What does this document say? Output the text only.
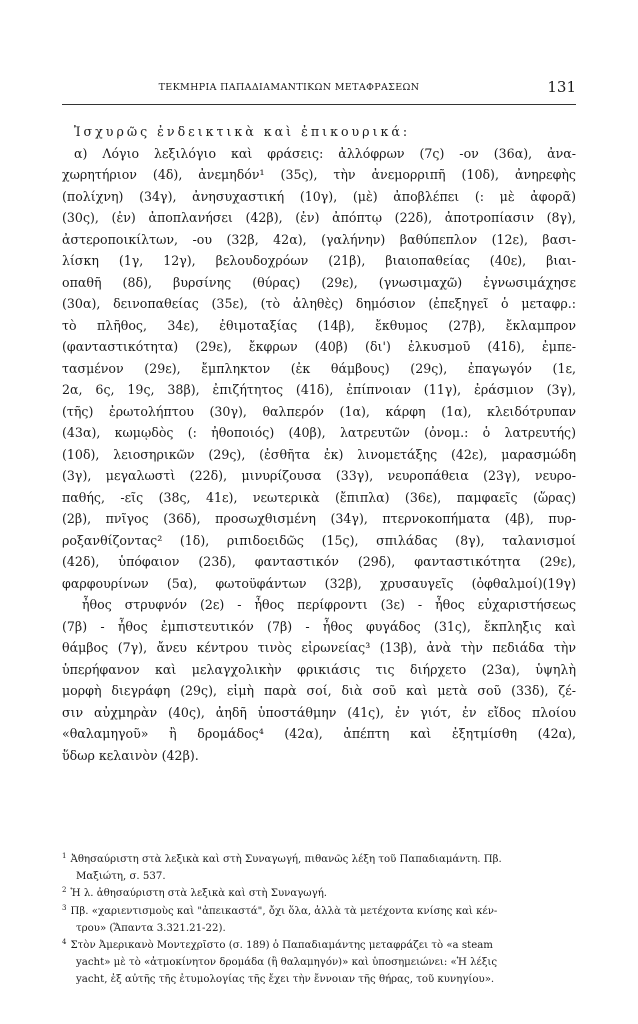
ΤΕΚΜΗΡΙΑ ΠΑΠΑΔΙΑΜΑΝΤΙΚΩΝ ΜΕΤΑΦΡΑΣΕΩΝ	131
Ἰσχυρῶς ἐνδεικτικὰ καὶ ἐπικουρικά:
α) Λόγιο λεξιλόγιο καὶ φράσεις: ἀλλόφρων (7ς) -ον (36α), ἀνα-
χωρητήριον (4δ), ἀνεμηδόν¹ (35ς), τὴν ἀνεμορριπῆ (10δ), ἀνηρεφὴς
(πολίχνη) (34γ), ἀνησυχαστική (10γ), (μὲ) ἀποβλέπει (: μὲ ἀφορᾶ)
(30ς), (ἐν) ἀποπλανήσει (42β), (ἐν) ἀπόπτῳ (22δ), ἀποτροπίασιν (8γ),
ἀστεροποικίλτων, -ου (32β, 42α), (γαλήνην) βαθύπεπλον (12ε), βασι-
λίσκη (1γ, 12γ), βελουδοχρόων (21β), βιαιοπαθείας (40ε), βιαι-
οπαθῆ (8δ), βυρσίνης (θύρας) (29ε), (γνωσιμαχῶ) ἐγνωσιμάχησε
(30α), δεινοπαθείας (35ε), (τὸ ἀληθὲς) δημόσιον (ἐπεξηγεῖ ὁ μεταφρ.:
τὸ πλῆθος, 34ε), ἐθιμοταξίας (14β), ἔκθυμος (27β), ἔκλαμπρον
(φανταστικότητα) (29ε), ἔκφρων (40β) (δι') ἐλκυσμοῦ (41δ), ἐμπε-
τασμένον (29ε), ἔμπληκτον (ἐκ θάμβους) (29ς), ἐπαγωγόν (1ε,
2α, 6ς, 19ς, 38β), ἐπιζήτητος (41δ), ἐπίπνοιαν (11γ), ἐράσμιον (3γ),
(τῆς) ἐρωτολήπτου (30γ), θαλπερόν (1α), κάρφη (1α), κλειδότρυπαν
(43α), κωμῳδὸς (: ἠθοποιός) (40β), λατρευτῶν (ὀνομ.: ὁ λατρευτής)
(10δ), λειοσηρικῶν (29ς), (ἐσθῆτα ἐκ) λινομετάξης (42ε), μαρασμώδη
(3γ), μεγαλωστὶ (22δ), μινυρίζουσα (33γ), νευροπάθεια (23γ), νευρο-
παθής, -εῖς (38ς, 41ε), νεωτερικὰ (ἔπιπλα) (36ε), παμφαεῖς (ὥρας)
(2β), πνῖγος (36δ), προσωχθισμένη (34γ), πτερνοκοπήματα (4β), πυρ-
ροξανθίζοντας² (1δ), ριπιδοειδῶς (15ς), σπιλάδας (8γ), ταλανισμοί
(42δ), ὑπόφαιον (23δ), φανταστικόν (29δ), φανταστικότητα (29ε),
φαρφουρίνων (5α), φωτοϋφάντων (32β), χρυσαυγεῖς (ὀφθαλμοί)(19γ)
ἦθος στρυφνόν (2ε) - ἦθος περίφροντι (3ε) - ἦθος εὐχαριστήσεως
(7β) - ἦθος ἐμπιστευτικόν (7β) - ἦθος φυγάδος (31ς), ἔκπληξις καὶ
θάμβος (7γ), ἄνευ κέντρου τινὸς εἰρωνείας³ (13β), ἀνὰ τὴν πεδιάδα τὴν
ὑπερήφανον καὶ μελαγχολικὴν φρικιάσις τις διήρχετο (23α), ὑψηλὴ
μορφὴ διεγράφη (29ς), εἰμὴ παρὰ σοί, διὰ σοῦ καὶ μετὰ σοῦ (33δ), ζέ-
σιν αὐχμηρὰν (40ς), ἀηδῆ ὑποστάθμην (41ς), ἐν γιότ, ἐν εἴδος πλοίου
«θαλαμηγοῦ» ἢ δρομάδος⁴ (42α), ἀπέπτη καὶ ἐξητμίσθη (42α),
ὕδωρ κελαινὸν (42β).
$^1$ Ἀθησαύριστη στὰ λεξικὰ καὶ στὴ Συναγωγή, πιθανῶς λέξη τοῦ Παπαδιαμάντη. Πβ.
Μαξιώτη, σ. 537.
$^2$ Ἡ λ. ἀθησαύριστη στὰ λεξικὰ καὶ στὴ Συναγωγή.
$^3$ Πβ. «χαριεντισμοὺς καὶ "ἀπεικαστά", ὄχι ὅλα, ἀλλὰ τὰ μετέχοντα κνίσης καὶ κέν-
τρου» (Ἅπαντα 3.321.21-22).
$^4$ Στὸν Ἀμερικανὸ Μοντεχρῖστο (σ. 189) ὁ Παπαδιαμάντης μεταφράζει τὸ «a steam
yacht» μὲ τὸ «ἀτμοκίνητον δρομάδα (ἢ θαλαμηγόν)» καὶ ὑποσημειώνει: «Ἡ λέξις
yacht, ἐξ αὐτῆς τῆς ἐτυμολογίας τῆς ἔχει τὴν ἔννοιαν τῆς θήρας, τοῦ κυνηγίου».
